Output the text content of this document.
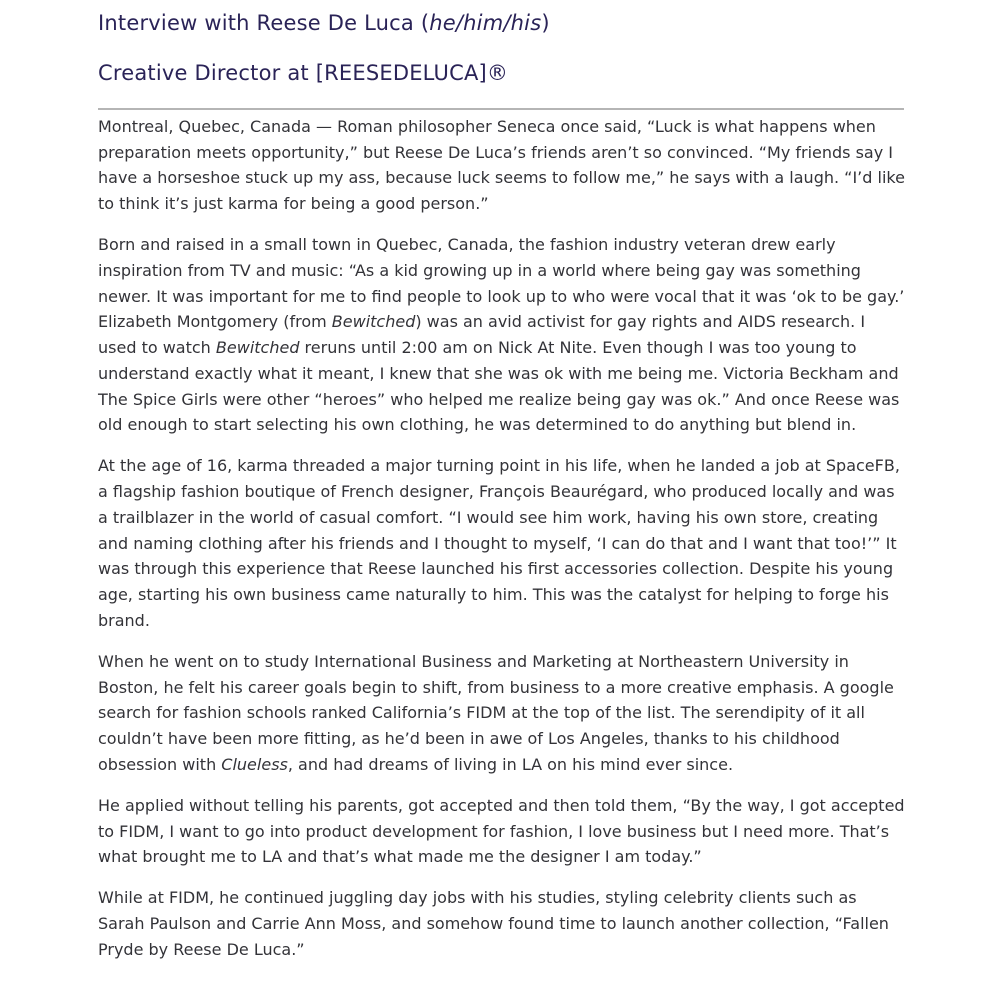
Interview with Reese De Luca (he/him/his)
Creative Director at [REESEDELUCA]®

Montreal, Quebec, Canada — Roman philosopher Seneca once said, “Luck is what happens when preparation meets opportunity,” but Reese De Luca’s friends aren’t so convinced. “My friends say I have a horseshoe stuck up my ass, because luck seems to follow me,” he says with a laugh. “I’d like to think it’s just karma for being a good person.”

Born and raised in a small town in Quebec, Canada, the fashion industry veteran drew early inspiration from TV and music: “As a kid growing up in a world where being gay was something newer. It was important for me to find people to look up to who were vocal that it was ‘ok to be gay.’ Elizabeth Montgomery (from Bewitched) was an avid activist for gay rights and AIDS research. I used to watch Bewitched reruns until 2:00 am on Nick At Nite. Even though I was too young to understand exactly what it meant, I knew that she was ok with me being me. Victoria Beckham and The Spice Girls were other “heroes” who helped me realize being gay was ok.” And once Reese was old enough to start selecting his own clothing, he was determined to do anything but blend in.

At the age of 16, karma threaded a major turning point in his life, when he landed a job at SpaceFB, a flagship fashion boutique of French designer, François Beaurégard, who produced locally and was a trailblazer in the world of casual comfort. “I would see him work, having his own store, creating and naming clothing after his friends and I thought to myself, ‘I can do that and I want that too!’” It was through this experience that Reese launched his first accessories collection. Despite his young age, starting his own business came naturally to him. This was the catalyst for helping to forge his brand.

When he went on to study International Business and Marketing at Northeastern University in Boston, he felt his career goals begin to shift, from business to a more creative emphasis. A google search for fashion schools ranked California’s FIDM at the top of the list. The serendipity of it all couldn’t have been more fitting, as he’d been in awe of Los Angeles, thanks to his childhood obsession with Clueless, and had dreams of living in LA on his mind ever since.

He applied without telling his parents, got accepted and then told them, “By the way, I got accepted to FIDM, I want to go into product development for fashion, I love business but I need more. That’s what brought me to LA and that’s what made me the designer I am today.”

While at FIDM, he continued juggling day jobs with his studies, styling celebrity clients such as Sarah Paulson and Carrie Ann Moss, and somehow found time to launch another collection, “Fallen Pryde by Reese De Luca.”
